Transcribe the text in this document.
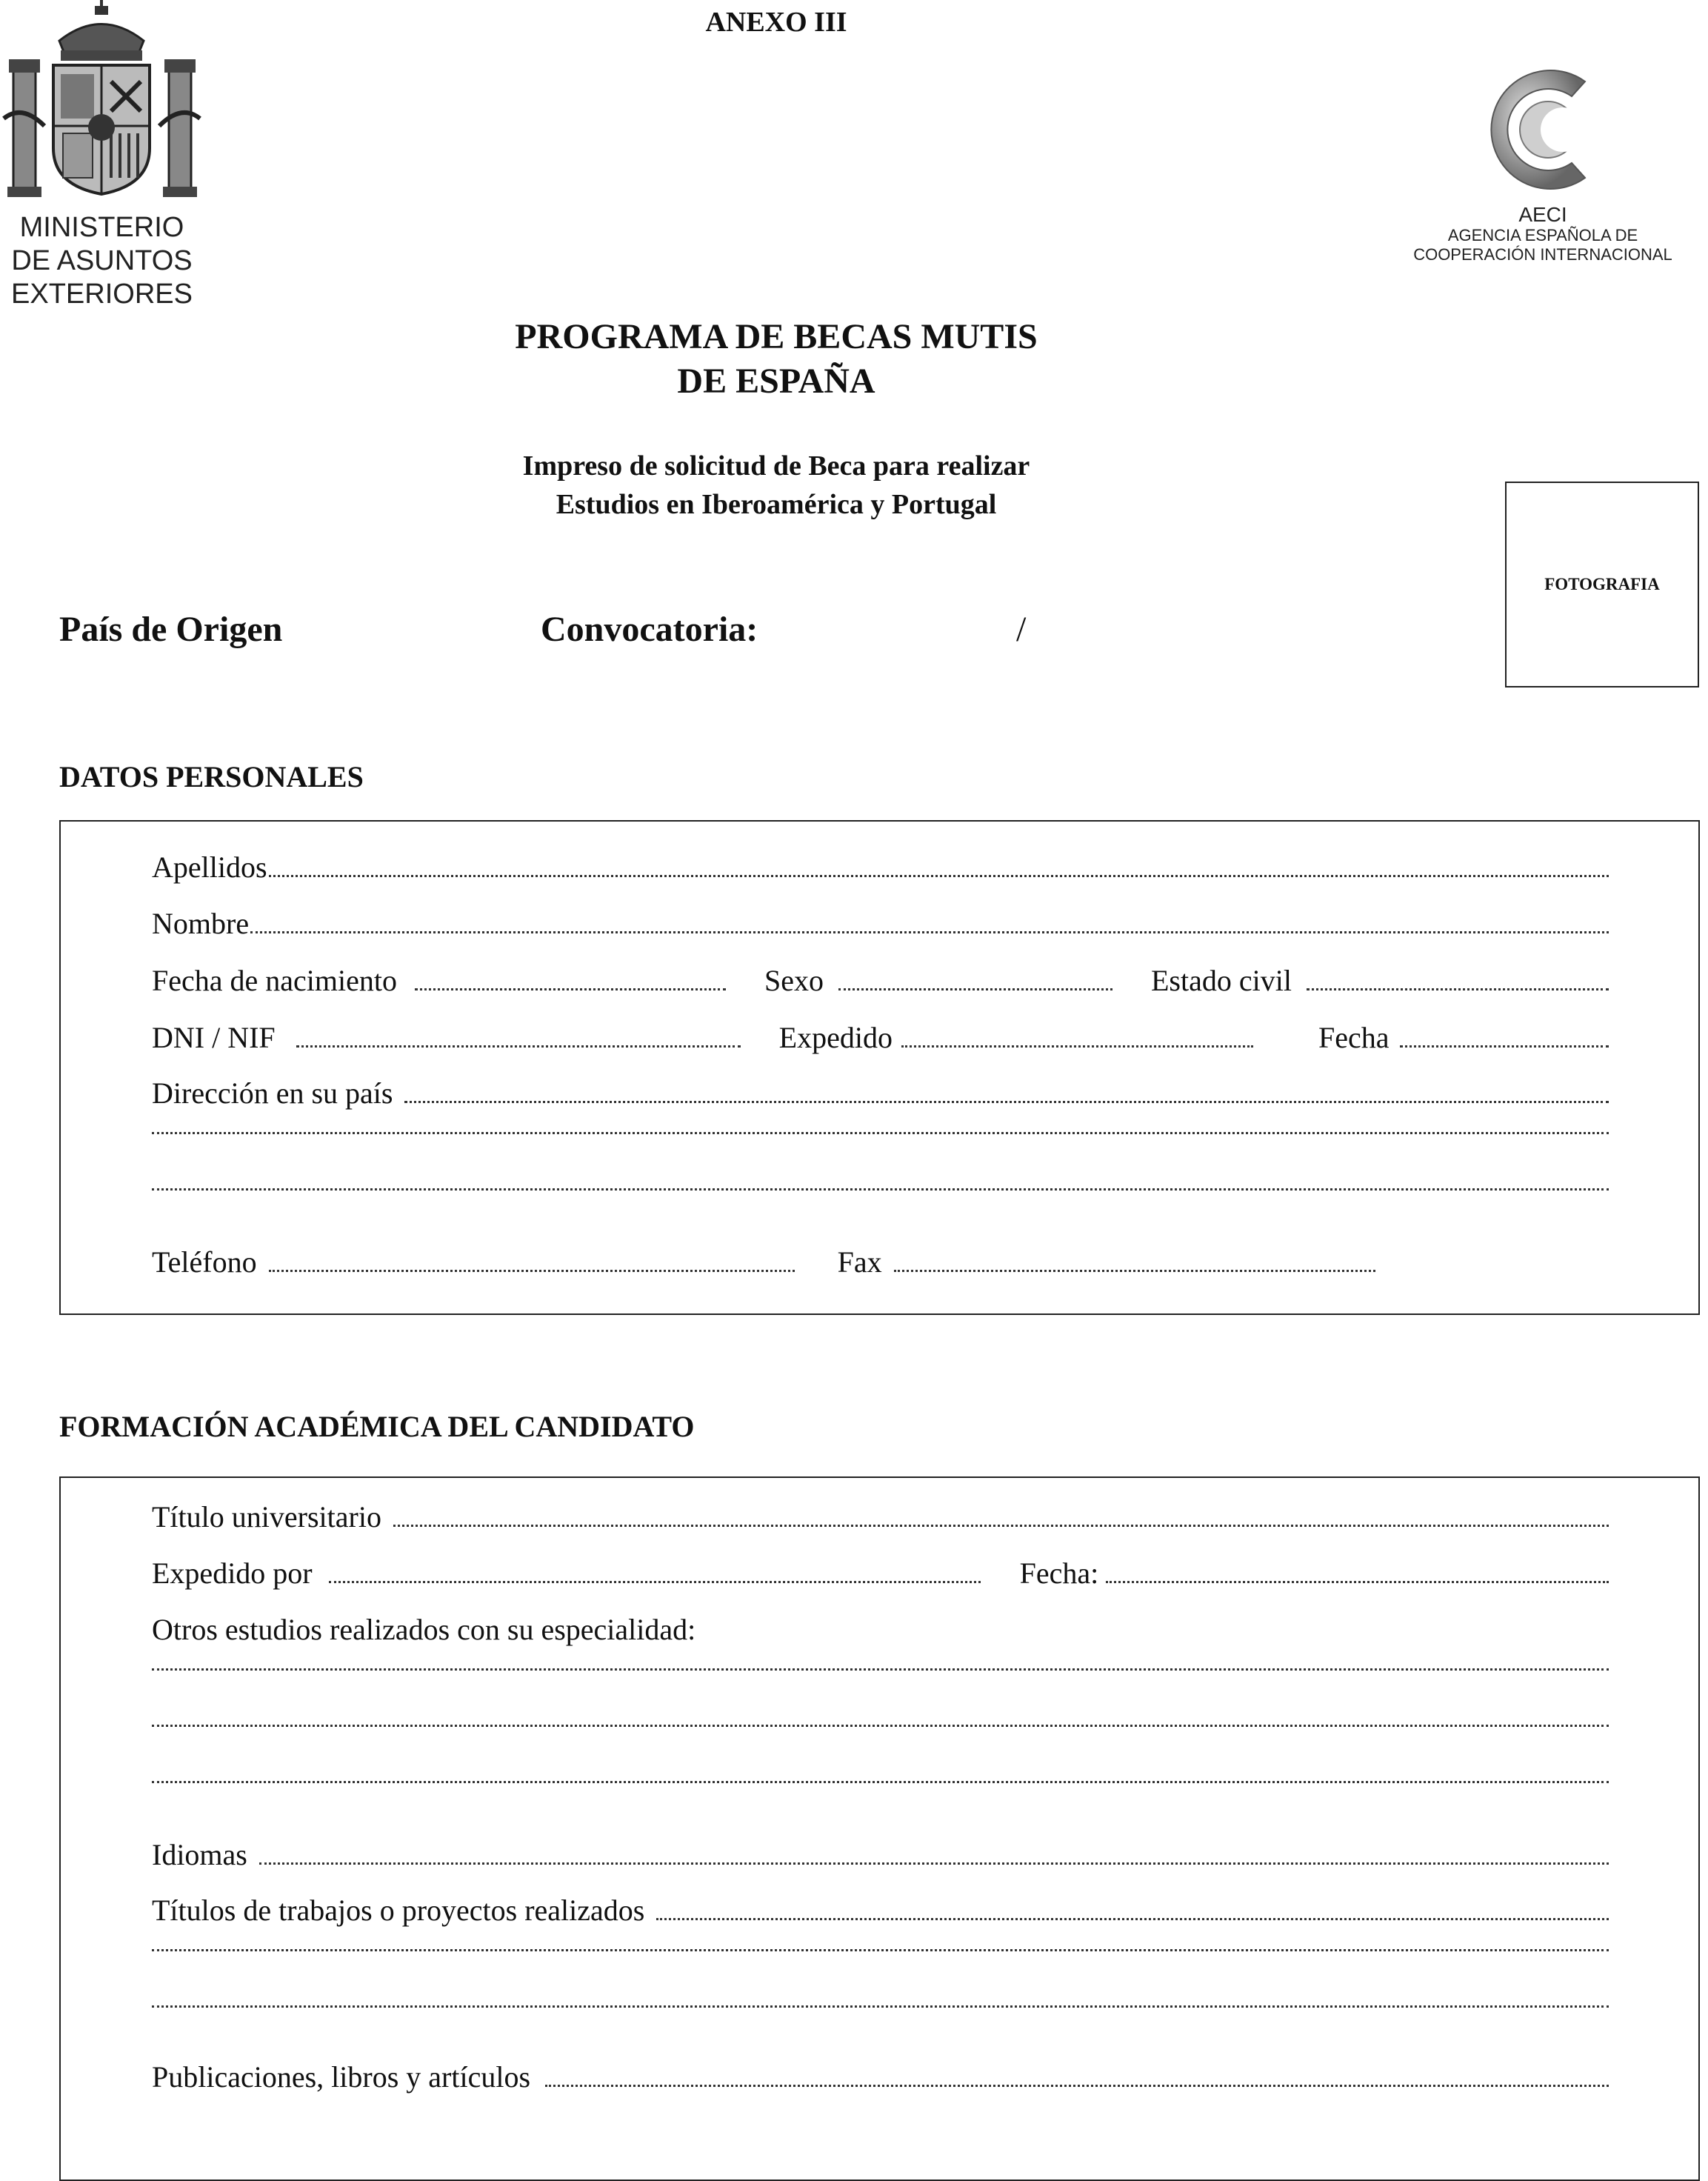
ANEXO III
MINISTERIO
DE ASUNTOS
EXTERIORES
AECI
AGENCIA ESPAÑOLA DE
COOPERACIÓN INTERNACIONAL
PROGRAMA DE BECAS MUTIS
DE ESPAÑA
Impreso de solicitud de Beca para realizar
Estudios en Iberoamérica y Portugal
FOTOGRAFIA
País de Origen	Convocatoria:	/
DATOS PERSONALES
Apellidos
Nombre
Fecha de nacimiento	Sexo	Estado civil
DNI / NIF	Expedido	Fecha
Dirección en su país
Teléfono	Fax
FORMACIÓN ACADÉMICA DEL CANDIDATO
Título universitario
Expedido por	Fecha:
Otros estudios realizados con su especialidad:
Idiomas
Títulos de trabajos o proyectos realizados
Publicaciones, libros y artículos
